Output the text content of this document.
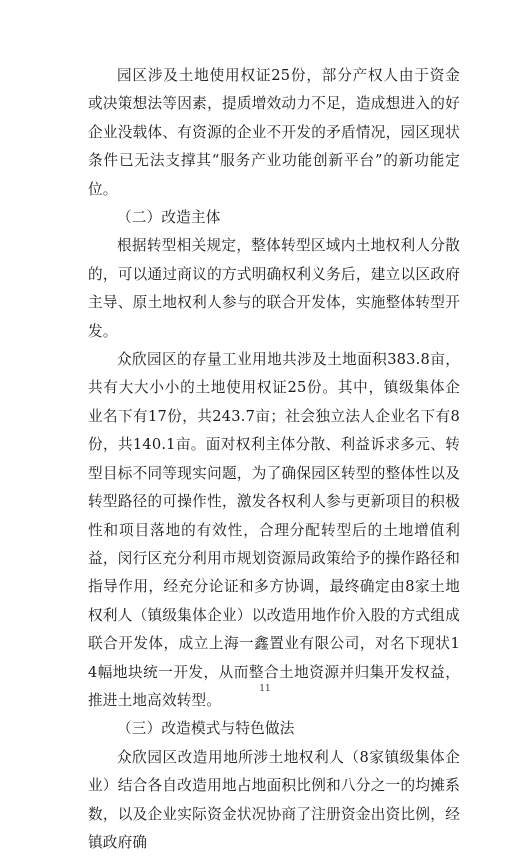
园区涉及土地使用权证25份，部分产权人由于资金或决策想法等因素，提质增效动力不足，造成想进入的好企业没载体、有资源的企业不开发的矛盾情况，园区现状条件已无法支撑其“服务产业功能创新平台”的新功能定位。

（二）改造主体

根据转型相关规定，整体转型区域内土地权利人分散的，可以通过商议的方式明确权利义务后，建立以区政府主导、原土地权利人参与的联合开发体，实施整体转型开发。

众欣园区的存量工业用地共涉及土地面积383.8亩，共有大大小小的土地使用权证25份。其中，镇级集体企业名下有17份，共243.7亩；社会独立法人企业名下有8份，共140.1亩。面对权利主体分散、利益诉求多元、转型目标不同等现实问题，为了确保园区转型的整体性以及转型路径的可操作性，激发各权利人参与更新项目的积极性和项目落地的有效性，合理分配转型后的土地增值利益，闵行区充分利用市规划资源局政策给予的操作路径和指导作用，经充分论证和多方协调，最终确定由8家土地权利人（镇级集体企业）以改造用地作价入股的方式组成联合开发体，成立上海一鑫置业有限公司，对名下现状14幅地块统一开发，从而整合土地资源并归集开发权益，推进土地高效转型。

（三）改造模式与特色做法

众欣园区改造用地所涉土地权利人（8家镇级集体企业）结合各自改造用地占地面积比例和八分之一的均摊系数，以及企业实际资金状况协商了注册资金出资比例，经镇政府确

11
